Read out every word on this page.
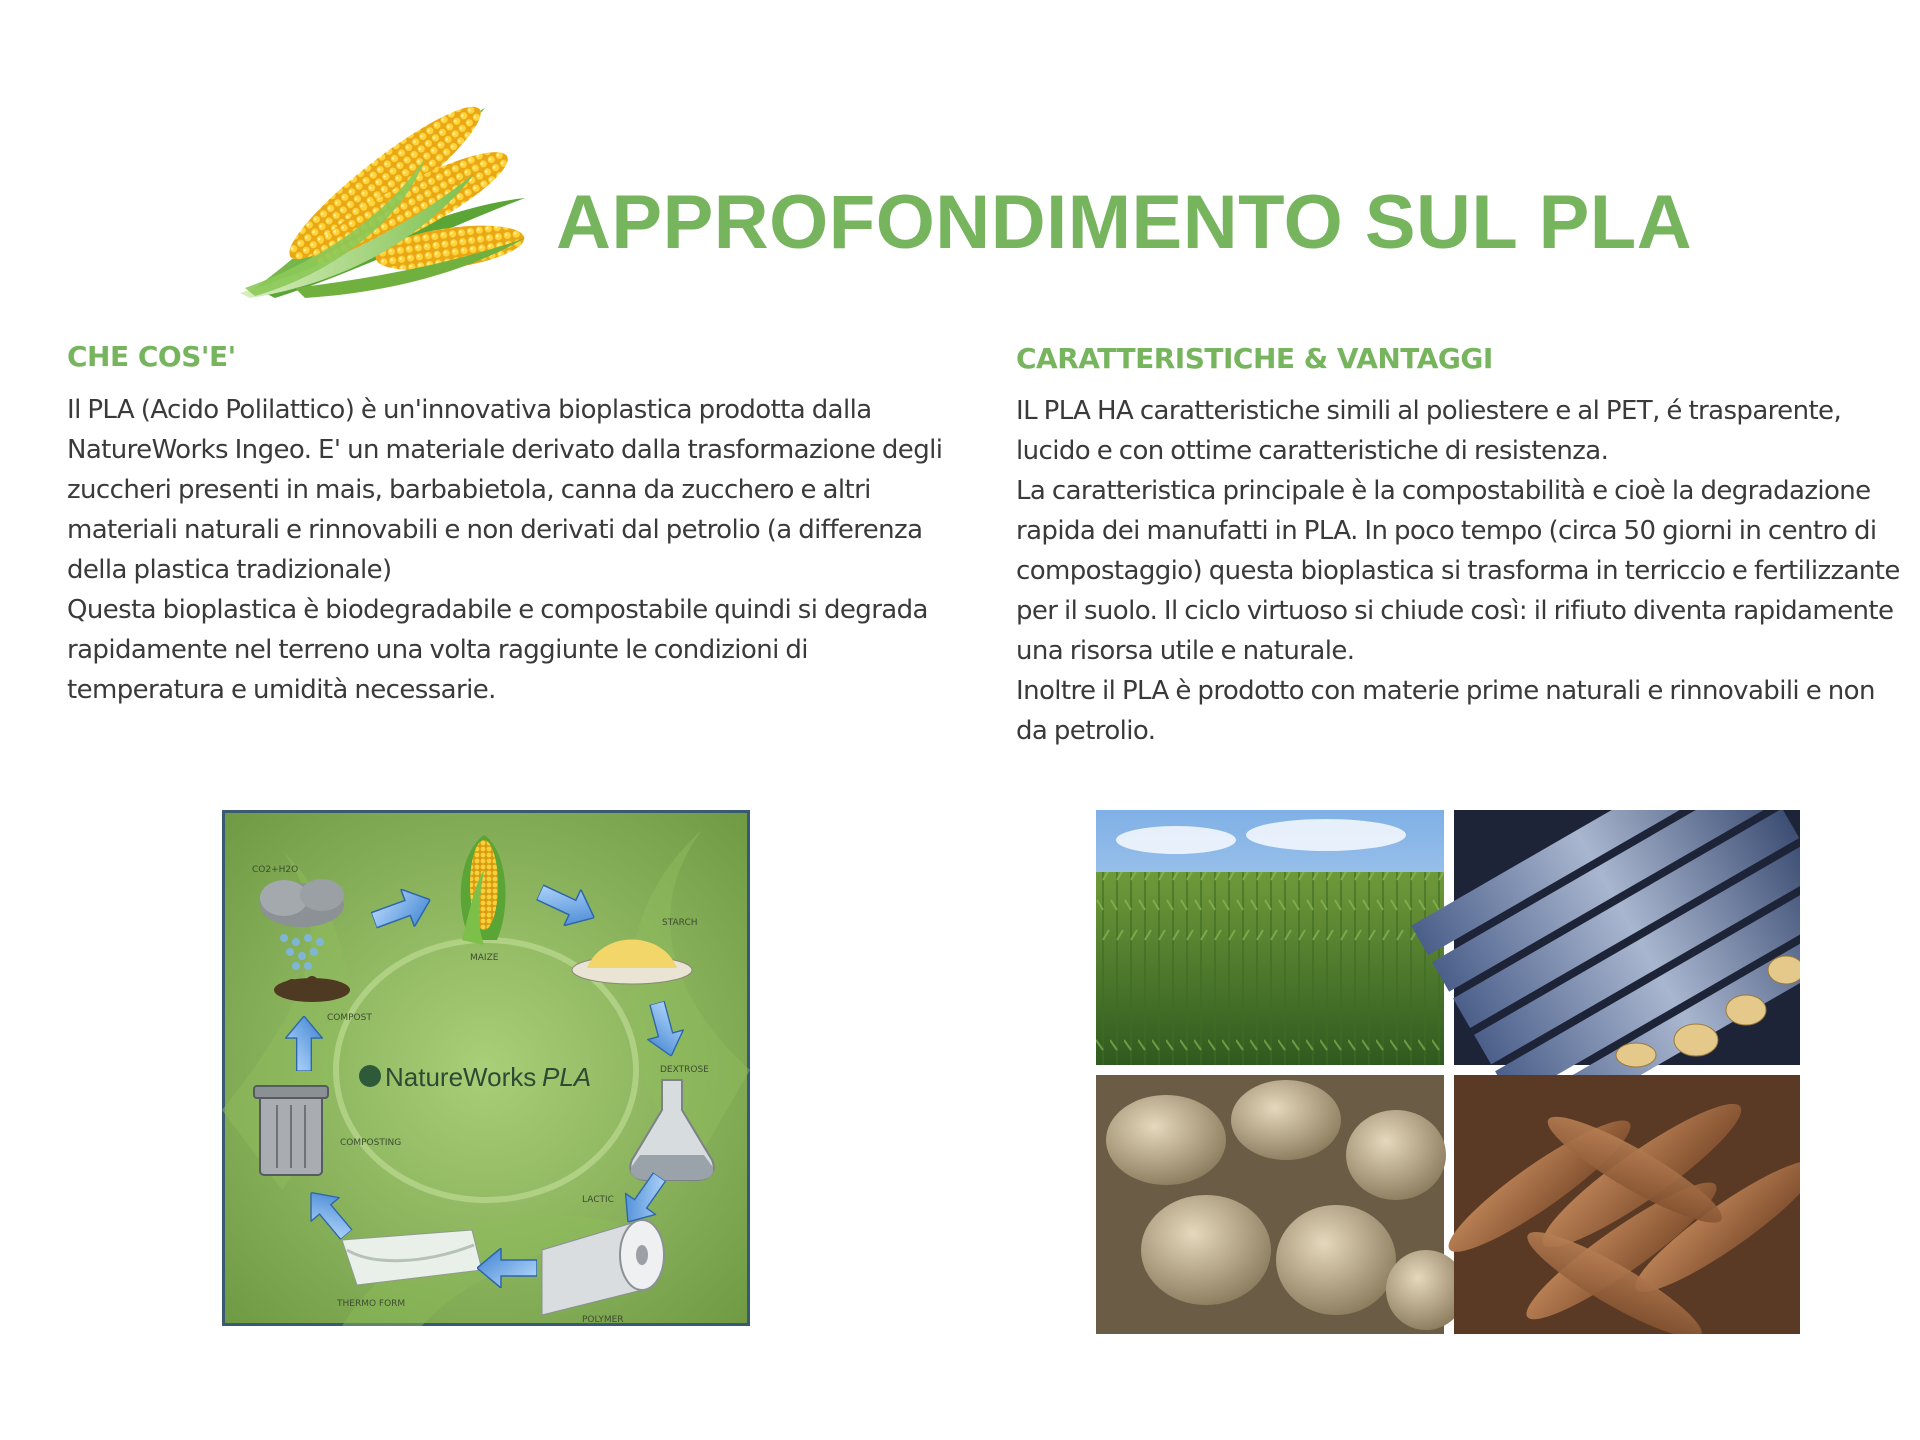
APPROFONDIMENTO SUL PLA
CHE COS'E'

Il PLA (Acido Polilattico) è un'innovativa bioplastica prodotta dalla

NatureWorks Ingeo. E' un materiale derivato dalla trasformazione degli

zuccheri presenti in mais, barbabietola, canna da zucchero e altri

materiali naturali e rinnovabili e non derivati dal petrolio (a differenza

della plastica tradizionale)

Questa bioplastica è biodegradabile e compostabile quindi si degrada

rapidamente nel terreno una volta raggiunte le condizioni di

temperatura e umidità necessarie.

CARATTERISTICHE & VANTAGGI

IL PLA HA caratteristiche simili al poliestere e al PET, é trasparente,

lucido e con ottime caratteristiche di resistenza.

La caratteristica principale è la compostabilità e cioè la degradazione

rapida dei manufatti in PLA. In poco tempo (circa 50 giorni in centro di

compostaggio) questa bioplastica si trasforma in terriccio e fertilizzante

per il suolo. Il ciclo virtuoso si chiude così: il rifiuto diventa rapidamente

una risorsa utile e naturale.

Inoltre il PLA è prodotto con materie prime naturali e rinnovabili e non

da petrolio.

CO2+H2O
COMPOST
MAIZE
STARCH
DEXTROSE
LACTIC
POLYMER
THERMO FORM
COMPOSTING
NatureWorks PLA
